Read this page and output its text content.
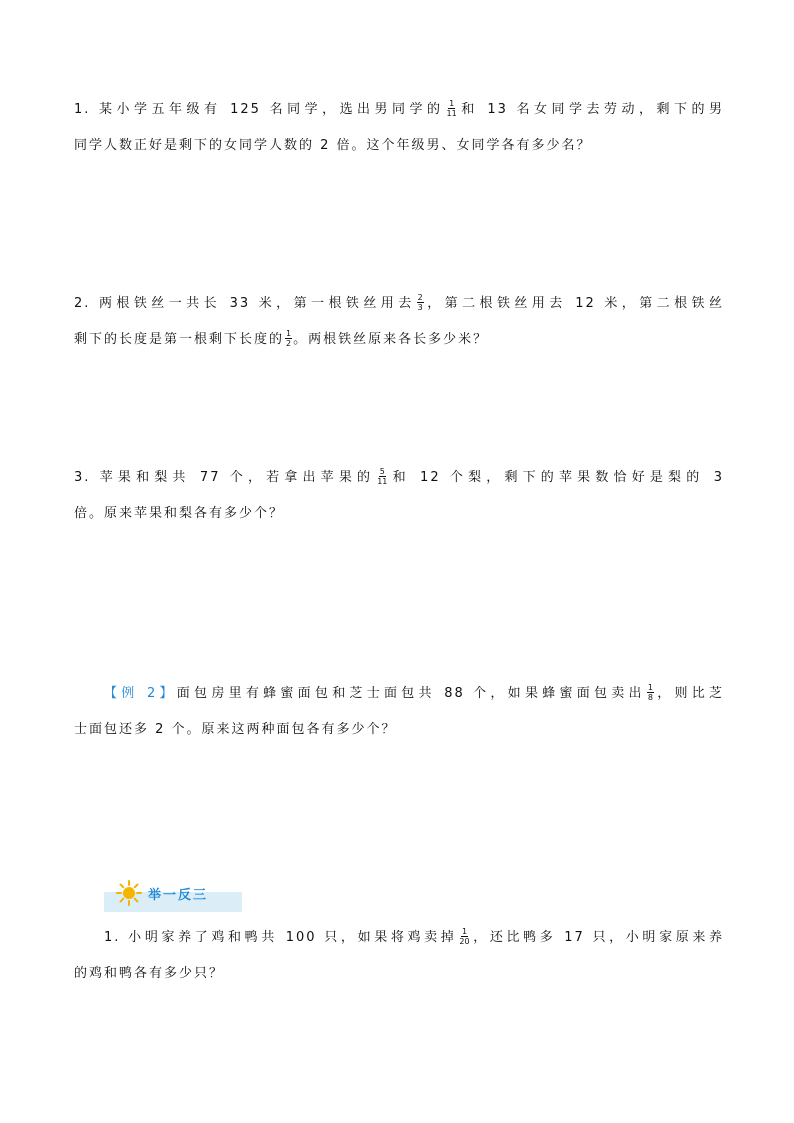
1. 某小学五年级有 125 名同学，选出男同学的 $\frac{1}{11}$ 和 13 名女同学去劳动，剩下的男
同学人数正好是剩下的女同学人数的 2 倍。这个年级男、女同学各有多少名？
2. 两根铁丝一共长 33 米，第一根铁丝用去 $\frac{2}{3}$ ，第二根铁丝用去 12 米，第二根铁丝
剩下的长度是第一根剩下长度的 $\frac{1}{2}$ 。两根铁丝原来各长多少米？
3. 苹果和梨共 77 个，若拿出苹果的 $\frac{5}{11}$ 和 12 个梨，剩下的苹果数恰好是梨的 3
倍。原来苹果和梨各有多少个？
【例 2】面包房里有蜂蜜面包和芝士面包共 88 个，如果蜂蜜面包卖出 $\frac{1}{8}$ ，则比芝
士面包还多 2 个。原来这两种面包各有多少个？
举一反三
1. 小明家养了鸡和鸭共 100 只，如果将鸡卖掉 $\frac{1}{20}$ ，还比鸭多 17 只，小明家原来养
的鸡和鸭各有多少只？
